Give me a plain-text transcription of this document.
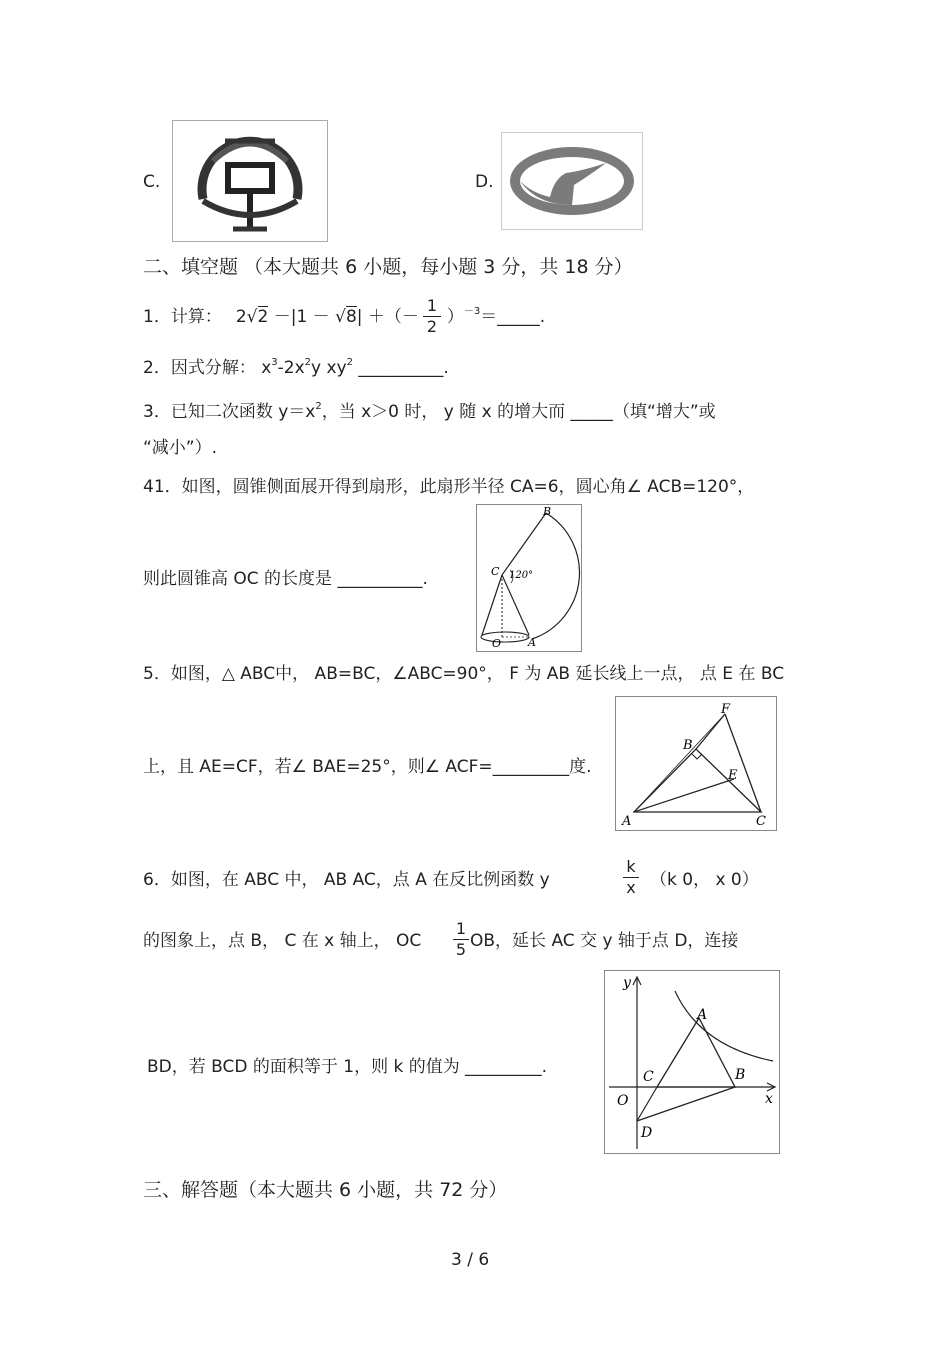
C.	D.
二、填空题 （本大题共 6 小题，每小题 3 分，共 18 分）
1．计算： 2√2 －|1 － √8| ＋（－ ）$^{-3}$＝_____.
1
2
2．因式分解： $x^3-2x^2y$ $xy^2$ __________.
3．已知二次函数 $y=x^2$，当 x＞0 时， y 随 x 的增大而 _____（填“增大”或
“减小”）.
41．如图，圆锥侧面展开得到扇形，此扇形半径 CA=6，圆心角∠ ACB=120°，
则此圆锥高 OC 的长度是 __________.
B
C 120°
O A
5．如图，△ ABC中， AB=BC，∠ABC=90°， F 为 AB 延长线上一点， 点 E 在 BC
上，且 AE=CF，若∠ BAE=25°，则∠ ACF=_________度.
F
B
E
A	C
6．如图，在 ABC 中， AB AC，点 A 在反比例函数 y
k
x （k 0， x 0）
的图象上，点 B， C 在 x 轴上， OC
1
5 OB，延长 AC 交 y 轴于点 D，连接
BD，若 BCD 的面积等于 1，则 k 的值为 _________.
y
x
A
B
C
O
D
三、解答题（本大题共 6 小题，共 72 分）
3 / 6
